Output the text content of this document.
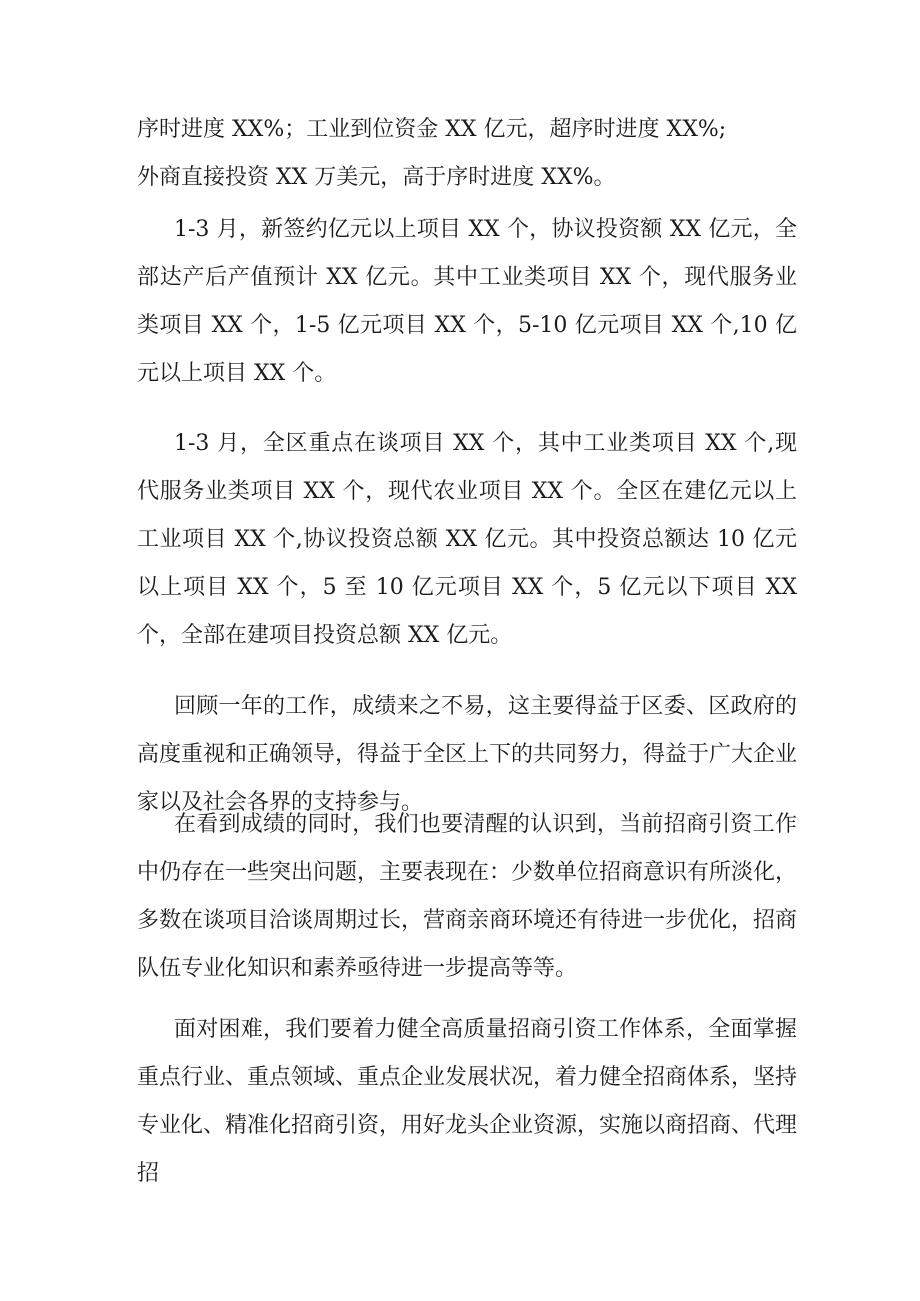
序时进度 XX%；工业到位资金 XX 亿元，超序时进度 XX%;
外商直接投资 XX 万美元，高于序时进度 XX%。

1-3 月，新签约亿元以上项目 XX 个，协议投资额 XX 亿元，全部达产后产值预计 XX 亿元。其中工业类项目 XX 个，现代服务业类项目 XX 个，1-5 亿元项目 XX 个，5-10 亿元项目 XX 个,10 亿元以上项目 XX 个。

1-3 月，全区重点在谈项目 XX 个，其中工业类项目 XX 个,现代服务业类项目 XX 个，现代农业项目 XX 个。全区在建亿元以上工业项目 XX 个,协议投资总额 XX 亿元。其中投资总额达 10 亿元以上项目 XX 个，5 至 10 亿元项目 XX 个，5 亿元以下项目 XX 个，全部在建项目投资总额 XX 亿元。

回顾一年的工作，成绩来之不易，这主要得益于区委、区政府的高度重视和正确领导，得益于全区上下的共同努力，得益于广大企业家以及社会各界的支持参与。

在看到成绩的同时，我们也要清醒的认识到，当前招商引资工作中仍存在一些突出问题，主要表现在：少数单位招商意识有所淡化，多数在谈项目洽谈周期过长，营商亲商环境还有待进一步优化，招商队伍专业化知识和素养亟待进一步提高等等。

面对困难，我们要着力健全高质量招商引资工作体系，全面掌握重点行业、重点领域、重点企业发展状况，着力健全招商体系，坚持专业化、精准化招商引资，用好龙头企业资源，实施以商招商、代理招
